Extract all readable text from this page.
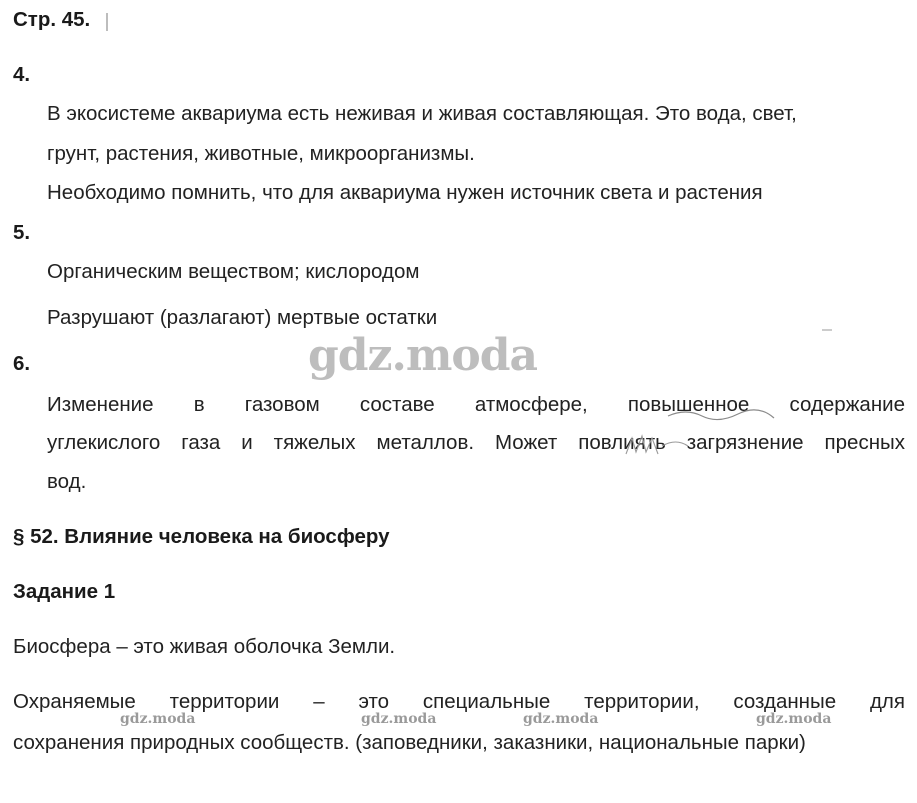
Стр. 45.
4.
В экосистеме аквариума есть неживая и живая составляющая. Это вода, свет,
грунт, растения, животные, микроорганизмы.
Необходимо помнить, что для аквариума нужен источник света и растения
5.
Органическим веществом; кислородом
Разрушают (разлагают) мертвые остатки
gdz.moda
6.
Изменение в газовом составе атмосфере, повышенное содержание
углекислого газа и тяжелых металлов. Может повлиять загрязнение пресных
вод.
§ 52. Влияние человека на биосферу
Задание 1
Биосфера – это живая оболочка Земли.
Охраняемые территории – это специальные территории, созданные для
gdz.moda	gdz.moda	gdz.moda	gdz.moda
сохранения природных сообществ. (заповедники, заказники, национальные парки)
